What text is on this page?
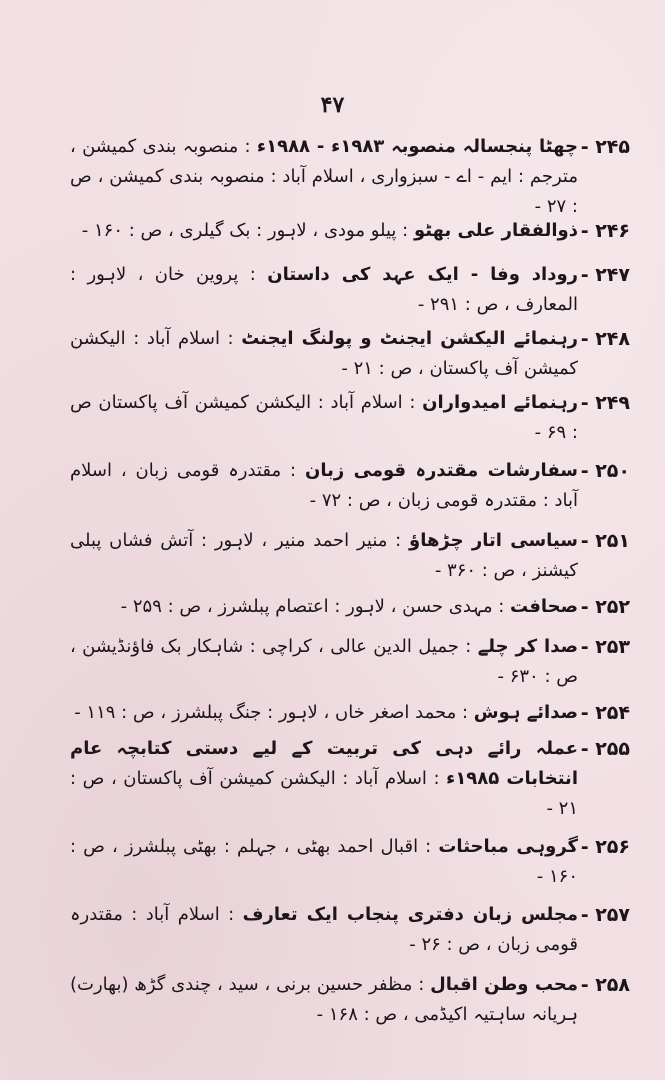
۴۷
۲۴۵ -
چھٹا پنجسالہ منصوبہ ۱۹۸۳ء - ۱۹۸۸ء : منصوبہ بندی کمیشن ، مترجم : ایم - اے - سبزواری ، اسلام آباد : منصوبہ بندی کمیشن ، ص : ۲۷ -
۲۴۶ -
ذوالفقار علی بھٹو : پیلو مودی ، لاہور : بک گیلری ، ص : ۱۶۰ -
۲۴۷ -
روداد وفا - ایک عہد کی داستان : پروین خان ، لاہور : المعارف ، ص : ۲۹۱ -
۲۴۸ -
رہنمائے الیکشن ایجنٹ و پولنگ ایجنٹ : اسلام آباد : الیکشن کمیشن آف پاکستان ، ص : ۲۱ -
۲۴۹ -
رہنمائے امیدواران : اسلام آباد : الیکشن کمیشن آف پاکستان ص : ۶۹ -
۲۵۰ -
سفارشات مقتدرہ قومی زبان : مقتدرہ قومی زبان ، اسلام آباد : مقتدرہ قومی زبان ، ص : ۷۲ -
۲۵۱ -
سیاسی اتار چڑھاؤ : منیر احمد منیر ، لاہور : آتش فشاں پبلی کیشنز ، ص : ۳۶۰ -
۲۵۲ -
صحافت : مہدی حسن ، لاہور : اعتصام پبلشرز ، ص : ۲۵۹ -
۲۵۳ -
صدا کر چلے : جمیل الدین عالی ، کراچی : شاہکار بک فاؤنڈیشن ، ص : ۶۳۰ -
۲۵۴ -
صدائے ہوش : محمد اصغر خاں ، لاہور : جنگ پبلشرز ، ص : ۱۱۹ -
۲۵۵ -
عملہ رائے دہی کی تربیت کے لیے دستی کتابچہ عام انتخابات ۱۹۸۵ء : اسلام آباد : الیکشن کمیشن آف پاکستان ، ص : ۲۱ -
۲۵۶ -
گروہی مباحثات : اقبال احمد بھٹی ، جہلم : بھٹی پبلشرز ، ص : ۱۶۰ -
۲۵۷ -
مجلس زبان دفتری پنجاب ایک تعارف : اسلام آباد : مقتدرہ قومی زبان ، ص : ۲۶ -
۲۵۸ -
محب وطن اقبال : مظفر حسین برنی ، سید ، چندی گڑھ (بھارت) ہریانہ ساہتیہ اکیڈمی ، ص : ۱۶۸ -
